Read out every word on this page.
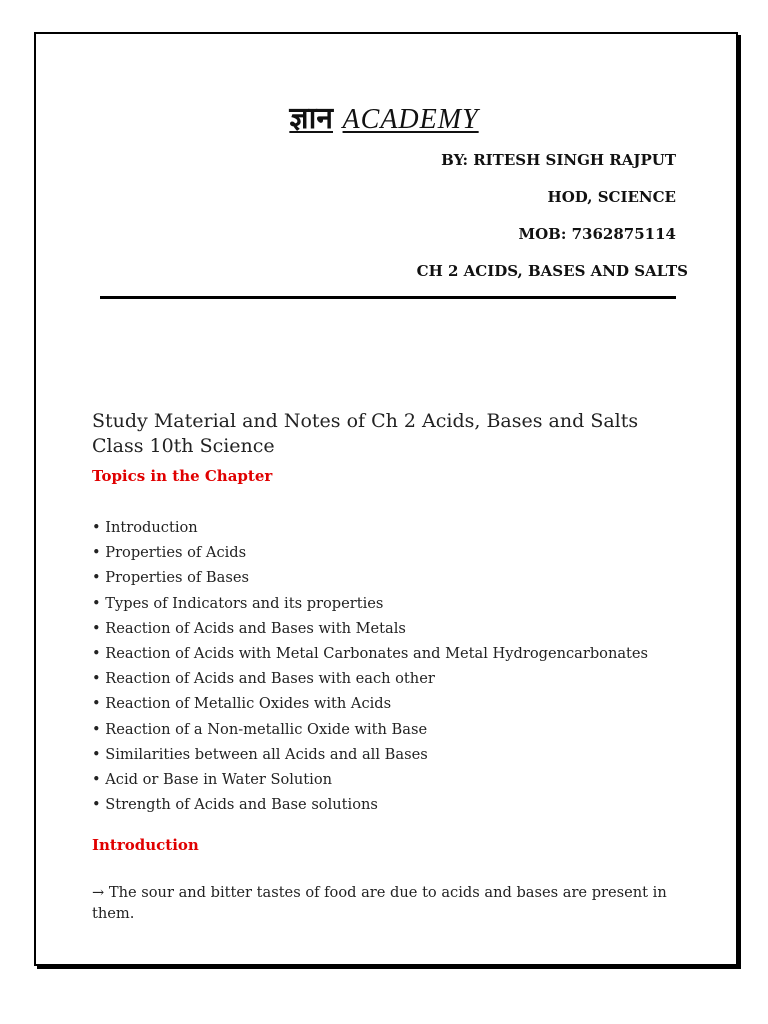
ज्ञान ACADEMY
BY: RITESH SINGH RAJPUT
HOD, SCIENCE
MOB: 7362875114
CH 2 ACIDS, BASES AND SALTS
Study Material and Notes of Ch 2 Acids, Bases and Salts Class 10th Science
Topics in the Chapter
• Introduction
• Properties of Acids
• Properties of Bases
• Types of Indicators and its properties
• Reaction of Acids and Bases with Metals
• Reaction of Acids with Metal Carbonates and Metal Hydrogencarbonates
• Reaction of Acids and Bases with each other
• Reaction of Metallic Oxides with Acids
• Reaction of a Non-metallic Oxide with Base
• Similarities between all Acids and all Bases
• Acid or Base in Water Solution
• Strength of Acids and Base solutions
Introduction
→ The sour and bitter tastes of food are due to acids and bases are present in them.
